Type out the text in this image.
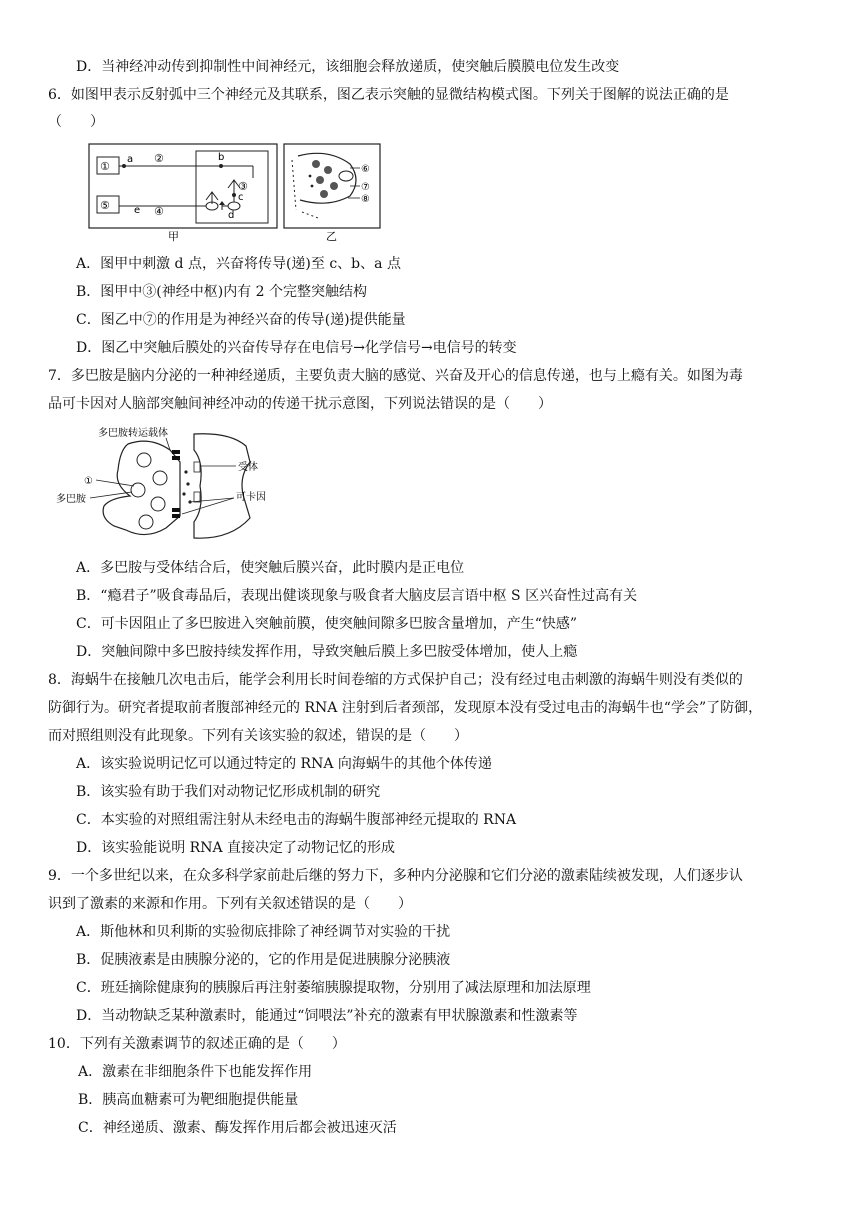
D．当神经冲动传到抑制性中间神经元，该细胞会释放递质，使突触后膜膜电位发生改变
6．如图甲表示反射弧中三个神经元及其联系，图乙表示突触的显微结构模式图。下列关于图解的说法正确的是
（　　）
①
a ②	b
③
c
d
⑤ e ④
甲
⑥
⑦
⑧
乙
A．图甲中刺激 d 点，兴奋将传导(递)至 c、b、a 点
B．图甲中③(神经中枢)内有 2 个完整突触结构
C．图乙中⑦的作用是为神经兴奋的传导(递)提供能量
D．图乙中突触后膜处的兴奋传导存在电信号→化学信号→电信号的转变
7．多巴胺是脑内分泌的一种神经递质，主要负责大脑的感觉、兴奋及开心的信息传递，也与上瘾有关。如图为毒
品可卡因对人脑部突触间神经冲动的传递干扰示意图，下列说法错误的是（　　）
多巴胺转运载体
受体
可卡因
①
多巴胺
A．多巴胺与受体结合后，使突触后膜兴奋，此时膜内是正电位
B．“瘾君子”吸食毒品后，表现出健谈现象与吸食者大脑皮层言语中枢 S 区兴奋性过高有关
C．可卡因阻止了多巴胺进入突触前膜，使突触间隙多巴胺含量增加，产生“快感”
D．突触间隙中多巴胺持续发挥作用，导致突触后膜上多巴胺受体增加，使人上瘾
8．海蜗牛在接触几次电击后，能学会利用长时间卷缩的方式保护自己；没有经过电击刺激的海蜗牛则没有类似的
防御行为。研究者提取前者腹部神经元的 RNA 注射到后者颈部，发现原本没有受过电击的海蜗牛也“学会”了防御，
而对照组则没有此现象。下列有关该实验的叙述，错误的是（　　）
A．该实验说明记忆可以通过特定的 RNA 向海蜗牛的其他个体传递
B．该实验有助于我们对动物记忆形成机制的研究
C．本实验的对照组需注射从未经电击的海蜗牛腹部神经元提取的 RNA
D．该实验能说明 RNA 直接决定了动物记忆的形成
9．一个多世纪以来，在众多科学家前赴后继的努力下，多种内分泌腺和它们分泌的激素陆续被发现，人们逐步认
识到了激素的来源和作用。下列有关叙述错误的是（　　）
A．斯他林和贝利斯的实验彻底排除了神经调节对实验的干扰
B．促胰液素是由胰腺分泌的，它的作用是促进胰腺分泌胰液
C．班廷摘除健康狗的胰腺后再注射萎缩胰腺提取物，分别用了减法原理和加法原理
D．当动物缺乏某种激素时，能通过“饲喂法”补充的激素有甲状腺激素和性激素等
10．下列有关激素调节的叙述正确的是（　　）
A．激素在非细胞条件下也能发挥作用
B．胰高血糖素可为靶细胞提供能量
C．神经递质、激素、酶发挥作用后都会被迅速灭活
